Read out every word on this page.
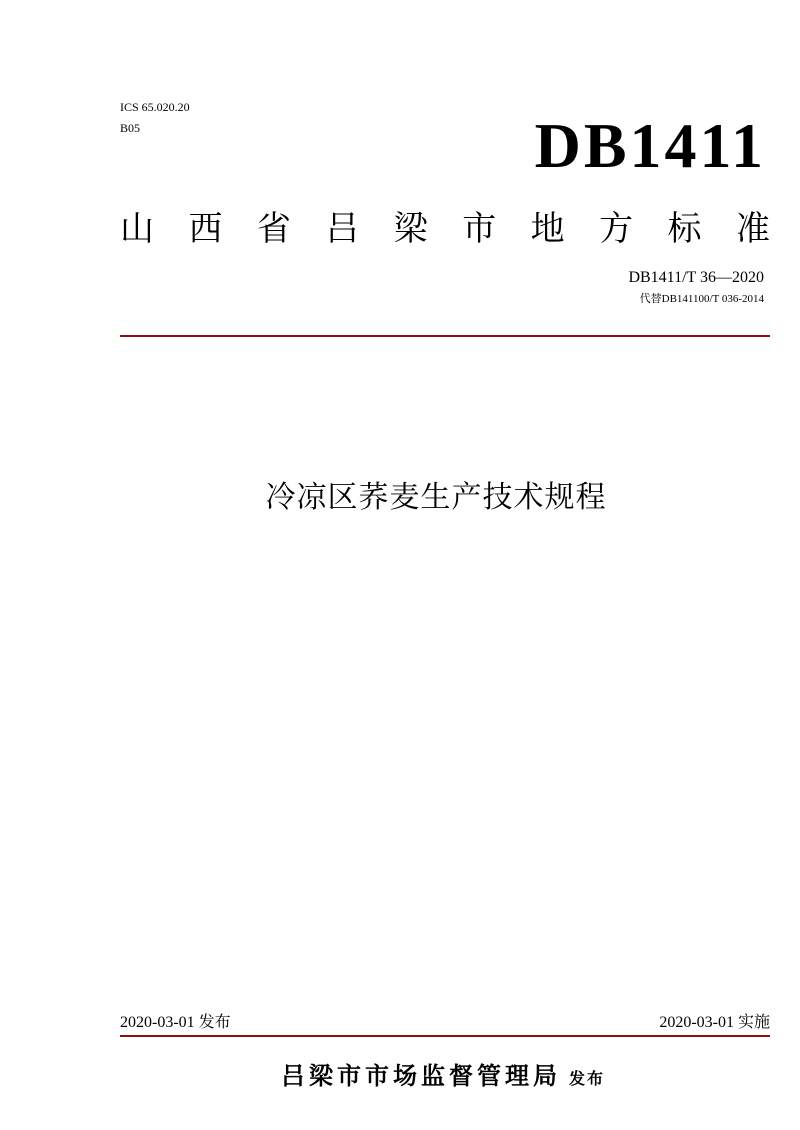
ICS 65.020.20
B05	DB1411
山 西 省 吕 梁 市 地 方 标 准
DB1411/T 36—2020
代替DB141100/T 036-2014
冷凉区荞麦生产技术规程
2020-03-01 发布	2020-03-01 实施
吕梁市市场监督管理局 发布
